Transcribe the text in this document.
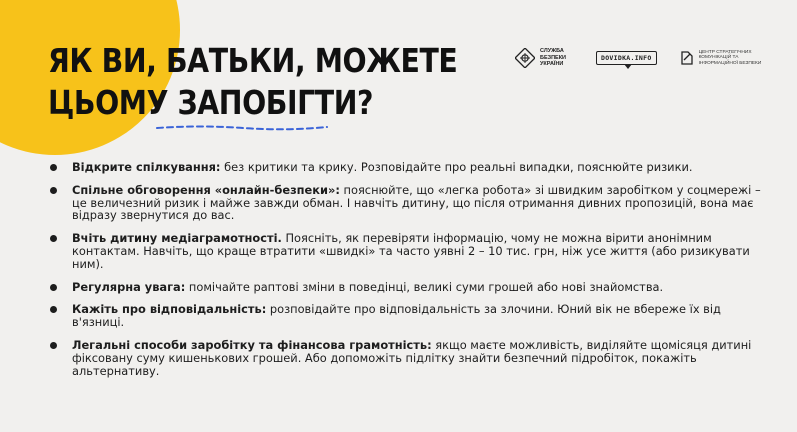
ЯК ВИ, БАТЬКИ, МОЖЕТЕ
ЦЬОМУ ЗАПОБІГТИ?
СЛУЖБА
БЕЗПЕКИ
УКРАЇНИ
DOVIDKA.INFO
ЦЕНТР СТРАТЕГІЧНИХ КОМУНІКАЦІЙ ТА ІНФОРМАЦІЙНОЇ БЕЗПЕКИ
Відкрите спілкування: без критики та крику. Розповідайте про реальні випадки, пояснюйте ризики.
Спільне обговорення «онлайн-безпеки»: пояснюйте, що «легка робота» зі швидким заробітком у соцмережі – це величезний ризик і майже завжди обман. І навчіть дитину, що після отримання дивних пропозицій, вона має відразу звернутися до вас.
Вчіть дитину медіаграмотності. Поясніть, як перевіряти інформацію, чому не можна вірити анонімним контактам. Навчіть, що краще втратити «швидкі» та часто уявні 2 – 10 тис. грн, ніж усе життя (або ризикувати ним).
Регулярна увага: помічайте раптові зміни в поведінці, великі суми грошей або нові знайомства.
Кажіть про відповідальність: розповідайте про відповідальність за злочини. Юний вік не вбереже їх від в'язниці.
Легальні способи заробітку та фінансова грамотність: якщо маєте можливість, виділяйте щомісяця дитині фіксовану суму кишенькових грошей. Або допоможіть підлітку знайти безпечний підробіток, покажіть альтернативу.
